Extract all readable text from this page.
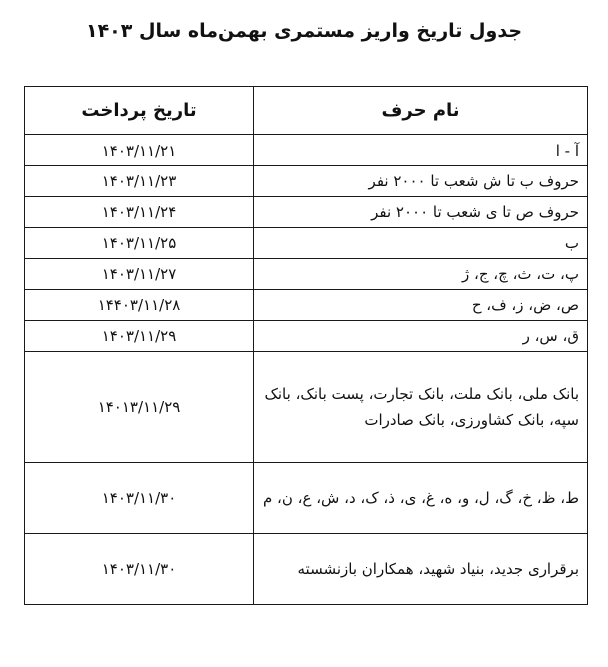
جدول تاریخ واریز مستمری بهمن‌ماه سال ۱۴۰۳
نام حرف	تاریخ پرداخت
آ - ا	۱۴۰۳/۱۱/۲۱
حروف ب تا ش شعب تا ۲۰۰۰ نفر	۱۴۰۳/۱۱/۲۳
حروف ص تا ی شعب تا ۲۰۰۰ نفر	۱۴۰۳/۱۱/۲۴
ب	۱۴۰۳/۱۱/۲۵
پ، ت، ث، چ، ج، ژ	۱۴۰۳/۱۱/۲۷
ص، ض، ز، ف، ح	۱۴۴۰۳/۱۱/۲۸
ق، س، ر	۱۴۰۳/۱۱/۲۹
بانک ملی، بانک ملت، بانک تجارت، پست بانک، بانک سپه، بانک کشاورزی، بانک صادرات	۱۴۰۱۳/۱۱/۲۹
ط، ظ، خ، گ، ل، و، ه، غ، ی، ذ، ک، د، ش، ع، ن، م	۱۴۰۳/۱۱/۳۰
برقراری جدید، بنیاد شهید، همکاران بازنشسته	۱۴۰۳/۱۱/۳۰
